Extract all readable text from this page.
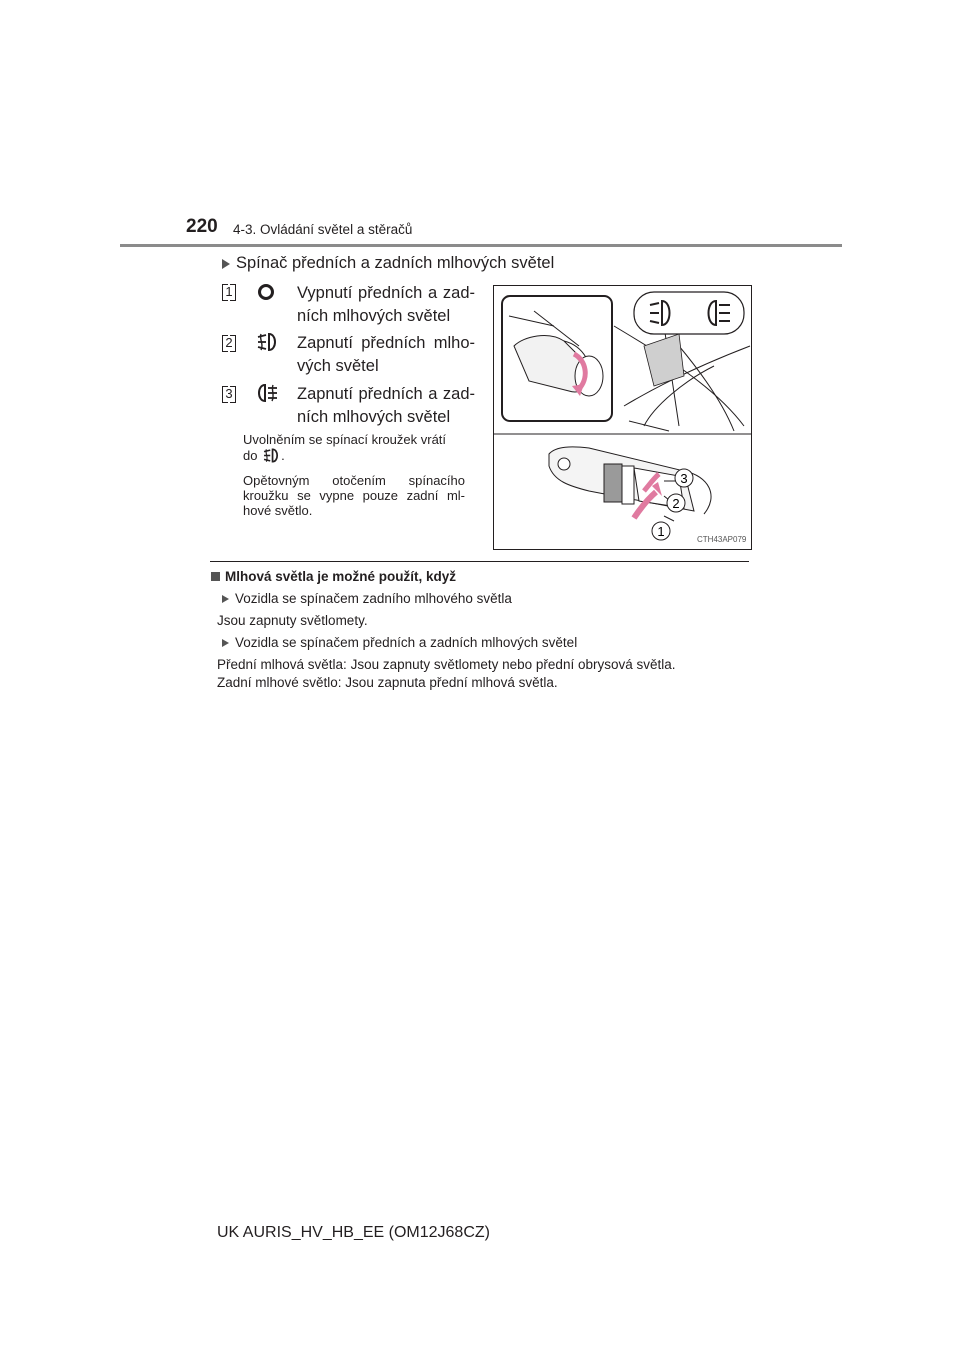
220 4-3. Ovládání světel a stěračů
Spínač předních a zadních mlhových světel
1	Vypnutí předních a zad-
ních mlhových světel
2	Zapnutí předních mlho-
vých světel
3	Zapnutí předních a zad-
ních mlhových světel
Uvolněním se spínací kroužek vrátí
do .
Opětovným otočením spínacího kroužku se vypne pouze zadní ml-hové světlo.
3
2
1
CTH43AP079
Mlhová světla je možné použít, když
Vozidla se spínačem zadního mlhového světla
Jsou zapnuty světlomety.
Vozidla se spínačem předních a zadních mlhových světel
Přední mlhová světla: Jsou zapnuty světlomety nebo přední obrysová světla.
Zadní mlhové světlo: Jsou zapnuta přední mlhová světla.
UK AURIS_HV_HB_EE (OM12J68CZ)
